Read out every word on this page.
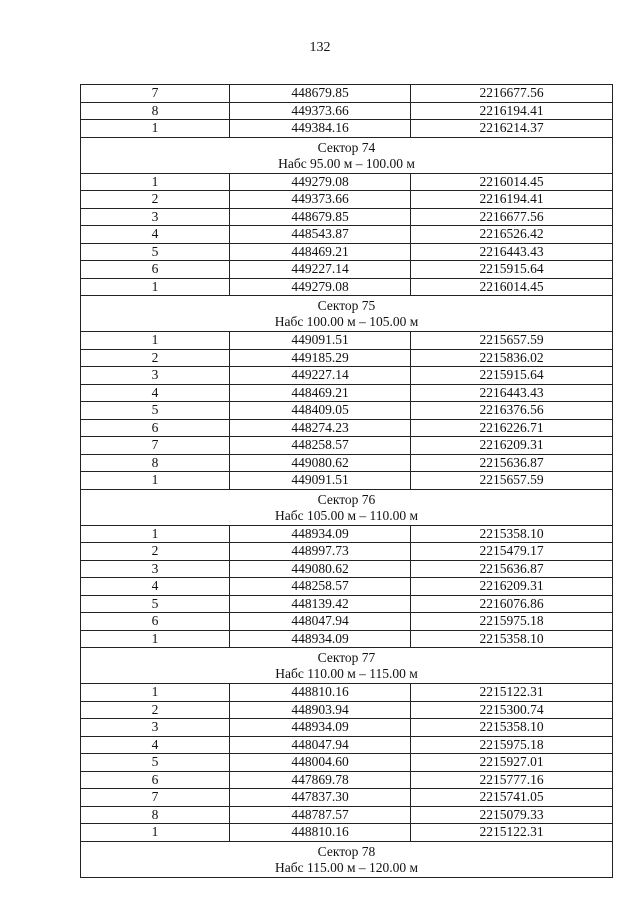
132
7	448679.85	2216677.56
8	449373.66	2216194.41
1	449384.16	2216214.37

Сектор 74
Набс 95.00 м – 100.00 м		

1	449279.08	2216014.45
2	449373.66	2216194.41
3	448679.85	2216677.56
4	448543.87	2216526.42
5	448469.21	2216443.43
6	449227.14	2215915.64
1	449279.08	2216014.45

Сектор 75
Набс 100.00 м – 105.00 м		

1	449091.51	2215657.59
2	449185.29	2215836.02
3	449227.14	2215915.64
4	448469.21	2216443.43
5	448409.05	2216376.56
6	448274.23	2216226.71
7	448258.57	2216209.31
8	449080.62	2215636.87
1	449091.51	2215657.59

Сектор 76
Набс 105.00 м – 110.00 м		

1	448934.09	2215358.10
2	448997.73	2215479.17
3	449080.62	2215636.87
4	448258.57	2216209.31
5	448139.42	2216076.86
6	448047.94	2215975.18
1	448934.09	2215358.10

Сектор 77
Набс 110.00 м – 115.00 м		

1	448810.16	2215122.31
2	448903.94	2215300.74
3	448934.09	2215358.10
4	448047.94	2215975.18
5	448004.60	2215927.01
6	447869.78	2215777.16
7	447837.30	2215741.05
8	448787.57	2215079.33
1	448810.16	2215122.31

Сектор 78
Набс 115.00 м – 120.00 м		
